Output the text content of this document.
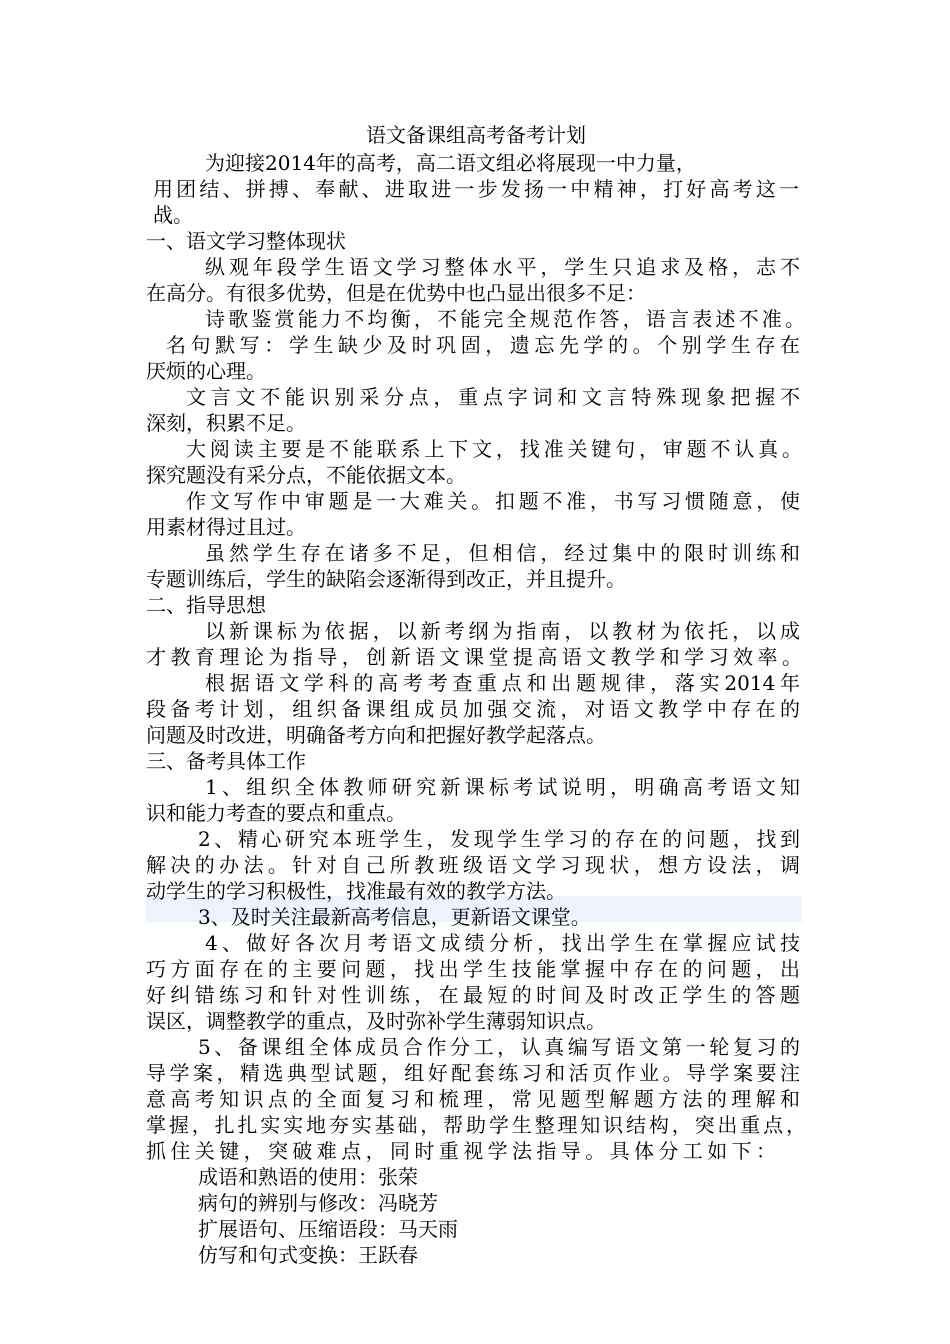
语文备课组高考备考计划
为迎接2014年的高考，高二语文组必将展现一中力量，
用团结、拼搏、奉献、进取进一步发扬一中精神，打好高考这一
战。
一、语文学习整体现状
纵观年段学生语文学习整体水平，学生只追求及格，志不
在高分。有很多优势，但是在优势中也凸显出很多不足：
诗歌鉴赏能力不均衡，不能完全规范作答，语言表述不准。
名句默写：学生缺少及时巩固，遗忘先学的。个别学生存在
厌烦的心理。
文言文不能识别采分点，重点字词和文言特殊现象把握不
深刻，积累不足。
大阅读主要是不能联系上下文，找准关键句，审题不认真。
探究题没有采分点，不能依据文本。
作文写作中审题是一大难关。扣题不准，书写习惯随意，使
用素材得过且过。
虽然学生存在诸多不足，但相信，经过集中的限时训练和
专题训练后，学生的缺陷会逐渐得到改正，并且提升。
二、指导思想
以新课标为依据，以新考纲为指南，以教材为依托，以成
才教育理论为指导，创新语文课堂提高语文教学和学习效率。
根据语文学科的高考考查重点和出题规律，落实2014年
段备考计划，组织备课组成员加强交流，对语文教学中存在的
问题及时改进，明确备考方向和把握好教学起落点。
三、备考具体工作
1、组织全体教师研究新课标考试说明，明确高考语文知
识和能力考查的要点和重点。
2、精心研究本班学生，发现学生学习的存在的问题，找到
解决的办法。针对自己所教班级语文学习现状，想方设法，调
动学生的学习积极性，找准最有效的教学方法。
3、及时关注最新高考信息，更新语文课堂。
4、做好各次月考语文成绩分析，找出学生在掌握应试技
巧方面存在的主要问题，找出学生技能掌握中存在的问题，出
好纠错练习和针对性训练，在最短的时间及时改正学生的答题
误区，调整教学的重点，及时弥补学生薄弱知识点。
5、备课组全体成员合作分工，认真编写语文第一轮复习的
导学案，精选典型试题，组好配套练习和活页作业。导学案要注
意高考知识点的全面复习和梳理，常见题型解题方法的理解和
掌握，扎扎实实地夯实基础，帮助学生整理知识结构，突出重点，
抓住关键，突破难点，同时重视学法指导。具体分工如下：
成语和熟语的使用：张荣
病句的辨别与修改：冯晓芳
扩展语句、压缩语段：马天雨
仿写和句式变换：王跃春
